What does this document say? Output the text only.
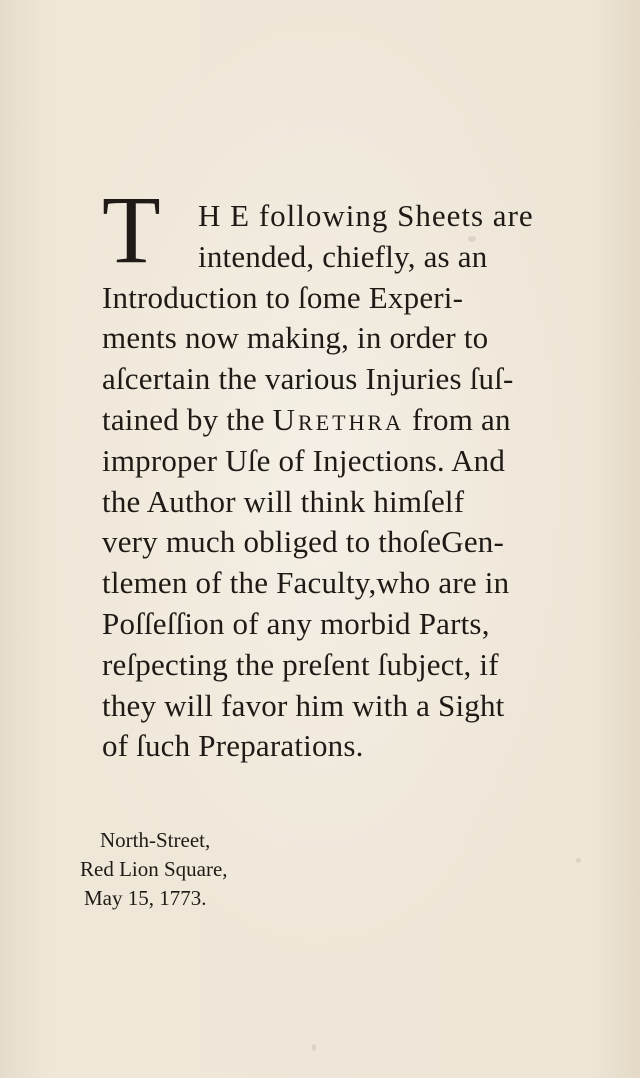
T	H E following Sheets are
intended, chiefly, as an
Introduction to ſome Experi-
ments now making, in order to
aſcertain the various Injuries ſuſ-
tained by the Urethra from an
improper Uſe of Injections. And
the Author will think himſelf
very much obliged to thoſeGen-
tlemen of the Faculty,who are in
Poſſeſſion of any morbid Parts,
reſpecting the preſent ſubject, if
they will favor him with a Sight
of ſuch Preparations.
North-Street,
Red Lion Square,
May 15, 1773.
